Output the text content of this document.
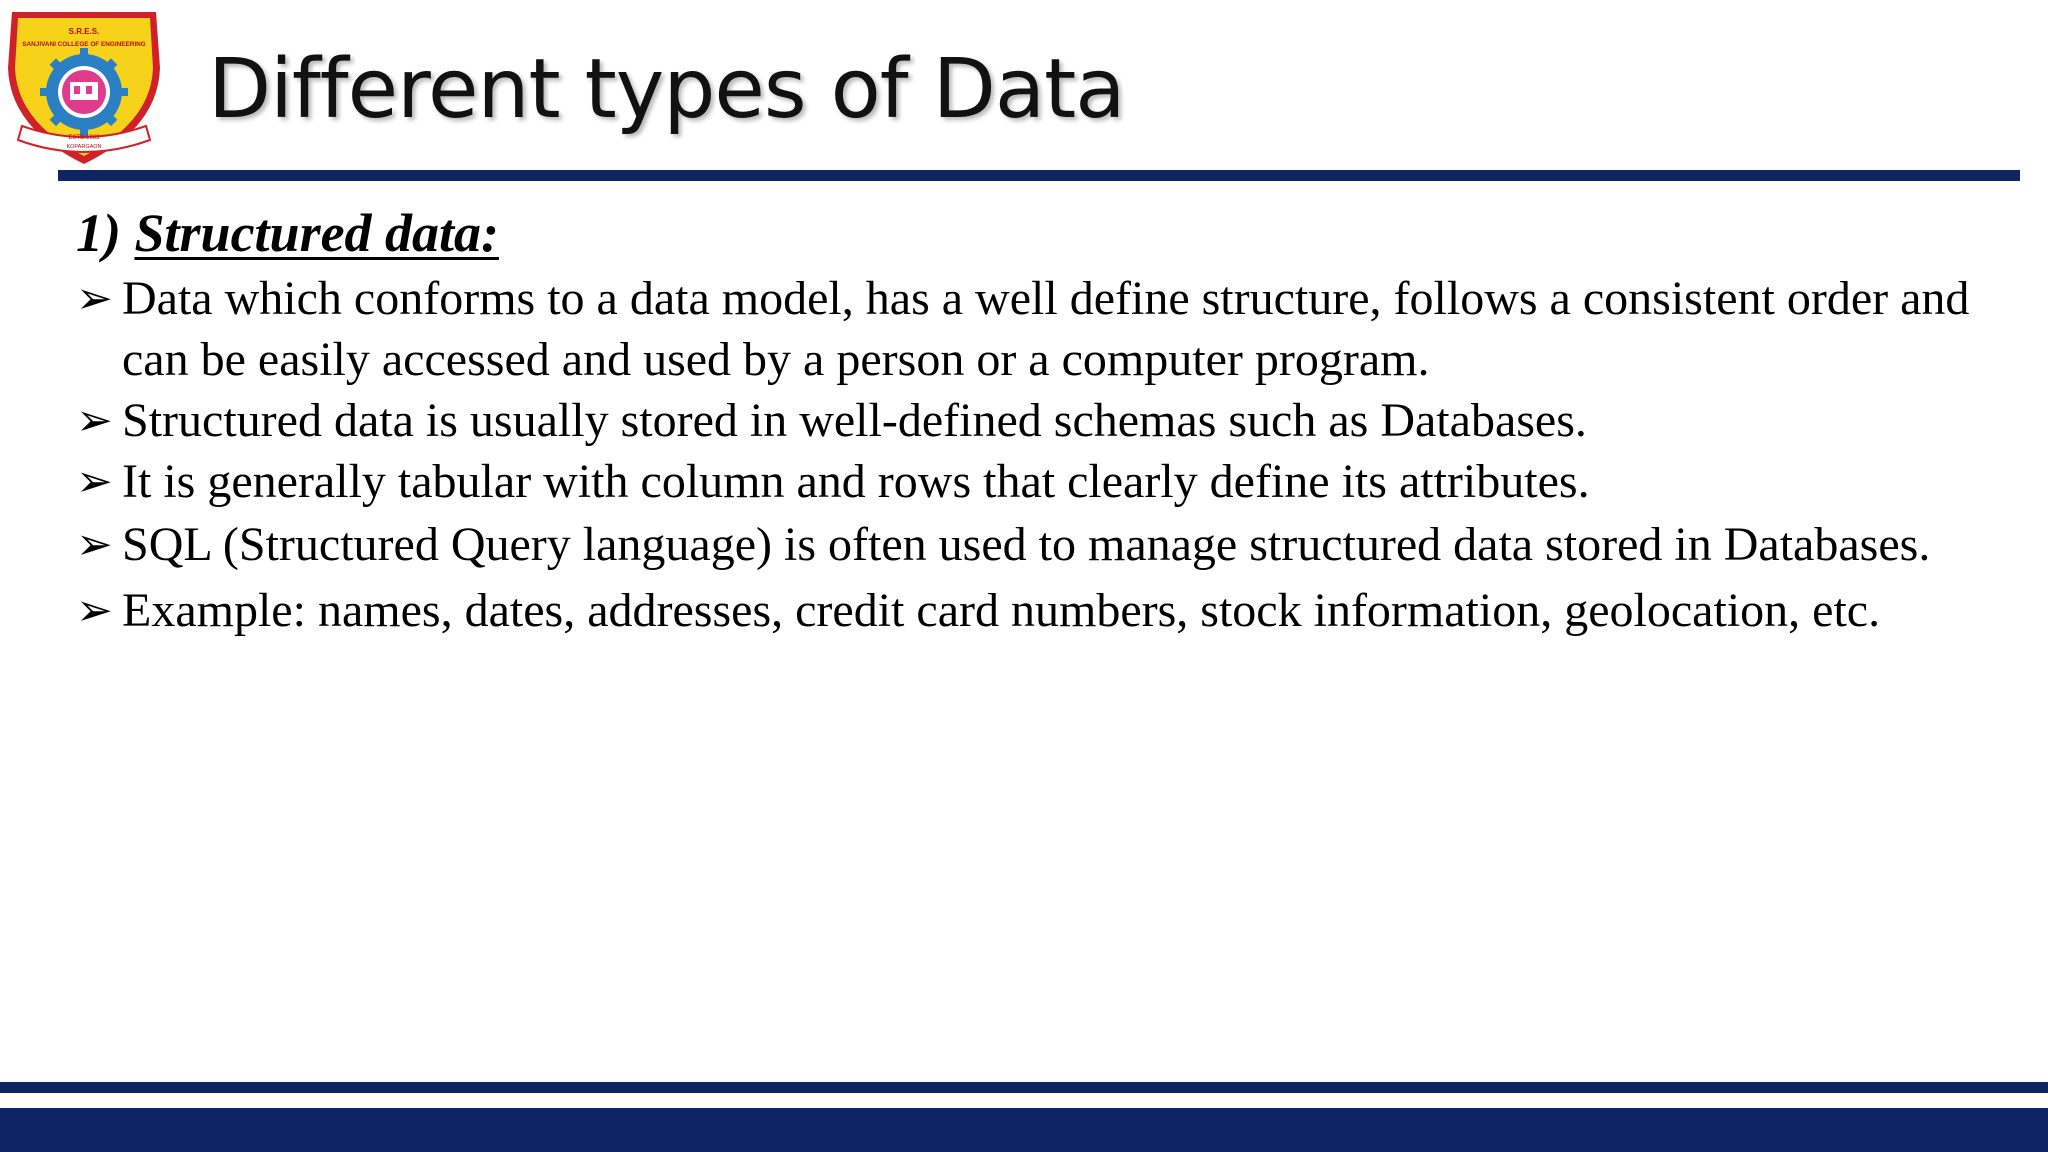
S.R.E.S.
SANJIVANI COLLEGE OF ENGINEERING
ESTD.1983
KOPARGAON
Different types of Data
1) Structured data:
➢ Data which conforms to a data model, has a well define structure, follows a consistent order and can be easily accessed and used by a person or a computer program.
➢ Structured data is usually stored in well-defined schemas such as Databases.
➢ It is generally tabular with column and rows that clearly define its attributes.
➢ SQL (Structured Query language) is often used to manage structured data stored in Databases.
➢ Example: names, dates, addresses, credit card numbers, stock information, geolocation, etc.
